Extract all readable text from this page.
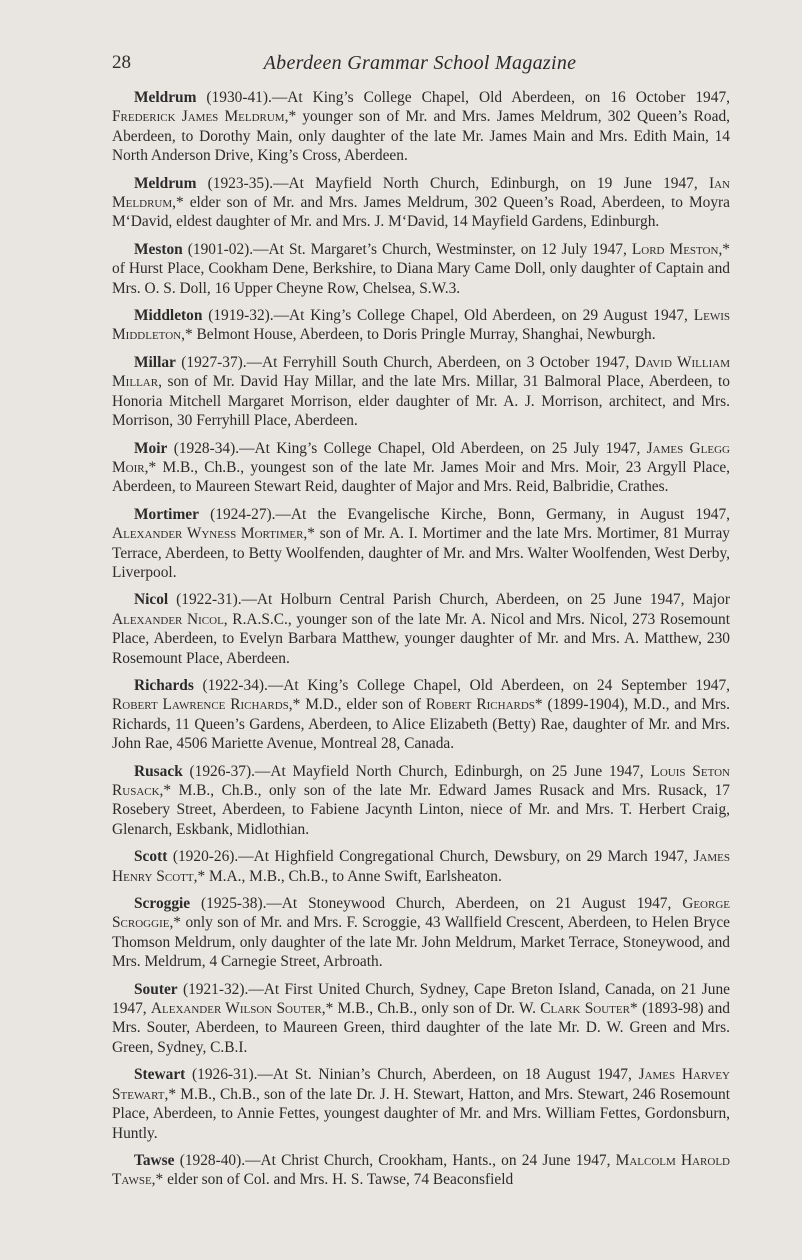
28	Aberdeen Grammar School Magazine

Meldrum (1930-41).—At King’s College Chapel, Old Aberdeen, on 16 October 1947, Frederick James Meldrum,* younger son of Mr. and Mrs. James Meldrum, 302 Queen’s Road, Aberdeen, to Dorothy Main, only daughter of the late Mr. James Main and Mrs. Edith Main, 14 North Anderson Drive, King’s Cross, Aberdeen.

Meldrum (1923-35).—At Mayfield North Church, Edinburgh, on 19 June 1947, Ian Meldrum,* elder son of Mr. and Mrs. James Meldrum, 302 Queen’s Road, Aberdeen, to Moyra M‘David, eldest daughter of Mr. and Mrs. J. M‘David, 14 Mayfield Gardens, Edinburgh.

Meston (1901-02).—At St. Margaret’s Church, Westminster, on 12 July 1947, Lord Meston,* of Hurst Place, Cookham Dene, Berkshire, to Diana Mary Came Doll, only daughter of Captain and Mrs. O. S. Doll, 16 Upper Cheyne Row, Chelsea, S.W.3.

Middleton (1919-32).—At King’s College Chapel, Old Aberdeen, on 29 August 1947, Lewis Middleton,* Belmont House, Aberdeen, to Doris Pringle Murray, Shanghai, Newburgh.

Millar (1927-37).—At Ferryhill South Church, Aberdeen, on 3 October 1947, David William Millar, son of Mr. David Hay Millar, and the late Mrs. Millar, 31 Balmoral Place, Aberdeen, to Honoria Mitchell Margaret Morrison, elder daughter of Mr. A. J. Morrison, architect, and Mrs. Morrison, 30 Ferryhill Place, Aberdeen.

Moir (1928-34).—At King’s College Chapel, Old Aberdeen, on 25 July 1947, James Glegg Moir,* M.B., Ch.B., youngest son of the late Mr. James Moir and Mrs. Moir, 23 Argyll Place, Aberdeen, to Maureen Stewart Reid, daughter of Major and Mrs. Reid, Balbridie, Crathes.

Mortimer (1924-27).—At the Evangelische Kirche, Bonn, Germany, in August 1947, Alexander Wyness Mortimer,* son of Mr. A. I. Mortimer and the late Mrs. Mortimer, 81 Murray Terrace, Aberdeen, to Betty Woolfenden, daughter of Mr. and Mrs. Walter Woolfenden, West Derby, Liverpool.

Nicol (1922-31).—At Holburn Central Parish Church, Aberdeen, on 25 June 1947, Major Alexander Nicol, R.A.S.C., younger son of the late Mr. A. Nicol and Mrs. Nicol, 273 Rosemount Place, Aberdeen, to Evelyn Barbara Matthew, younger daughter of Mr. and Mrs. A. Matthew, 230 Rosemount Place, Aberdeen.

Richards (1922-34).—At King’s College Chapel, Old Aberdeen, on 24 September 1947, Robert Lawrence Richards,* M.D., elder son of Robert Richards* (1899-1904), M.D., and Mrs. Richards, 11 Queen’s Gardens, Aberdeen, to Alice Elizabeth (Betty) Rae, daughter of Mr. and Mrs. John Rae, 4506 Mariette Avenue, Montreal 28, Canada.

Rusack (1926-37).—At Mayfield North Church, Edinburgh, on 25 June 1947, Louis Seton Rusack,* M.B., Ch.B., only son of the late Mr. Edward James Rusack and Mrs. Rusack, 17 Rosebery Street, Aberdeen, to Fabiene Jacynth Linton, niece of Mr. and Mrs. T. Herbert Craig, Glenarch, Eskbank, Midlothian.

Scott (1920-26).—At Highfield Congregational Church, Dewsbury, on 29 March 1947, James Henry Scott,* M.A., M.B., Ch.B., to Anne Swift, Earlsheaton.

Scroggie (1925-38).—At Stoneywood Church, Aberdeen, on 21 August 1947, George Scroggie,* only son of Mr. and Mrs. F. Scroggie, 43 Wallfield Crescent, Aberdeen, to Helen Bryce Thomson Meldrum, only daughter of the late Mr. John Meldrum, Market Terrace, Stoneywood, and Mrs. Meldrum, 4 Carnegie Street, Arbroath.

Souter (1921-32).—At First United Church, Sydney, Cape Breton Island, Canada, on 21 June 1947, Alexander Wilson Souter,* M.B., Ch.B., only son of Dr. W. Clark Souter* (1893-98) and Mrs. Souter, Aberdeen, to Maureen Green, third daughter of the late Mr. D. W. Green and Mrs. Green, Sydney, C.B.I.

Stewart (1926-31).—At St. Ninian’s Church, Aberdeen, on 18 August 1947, James Harvey Stewart,* M.B., Ch.B., son of the late Dr. J. H. Stewart, Hatton, and Mrs. Stewart, 246 Rosemount Place, Aberdeen, to Annie Fettes, youngest daughter of Mr. and Mrs. William Fettes, Gordonsburn, Huntly.

Tawse (1928-40).—At Christ Church, Crookham, Hants., on 24 June 1947, Malcolm Harold Tawse,* elder son of Col. and Mrs. H. S. Tawse, 74 Beaconsfield
